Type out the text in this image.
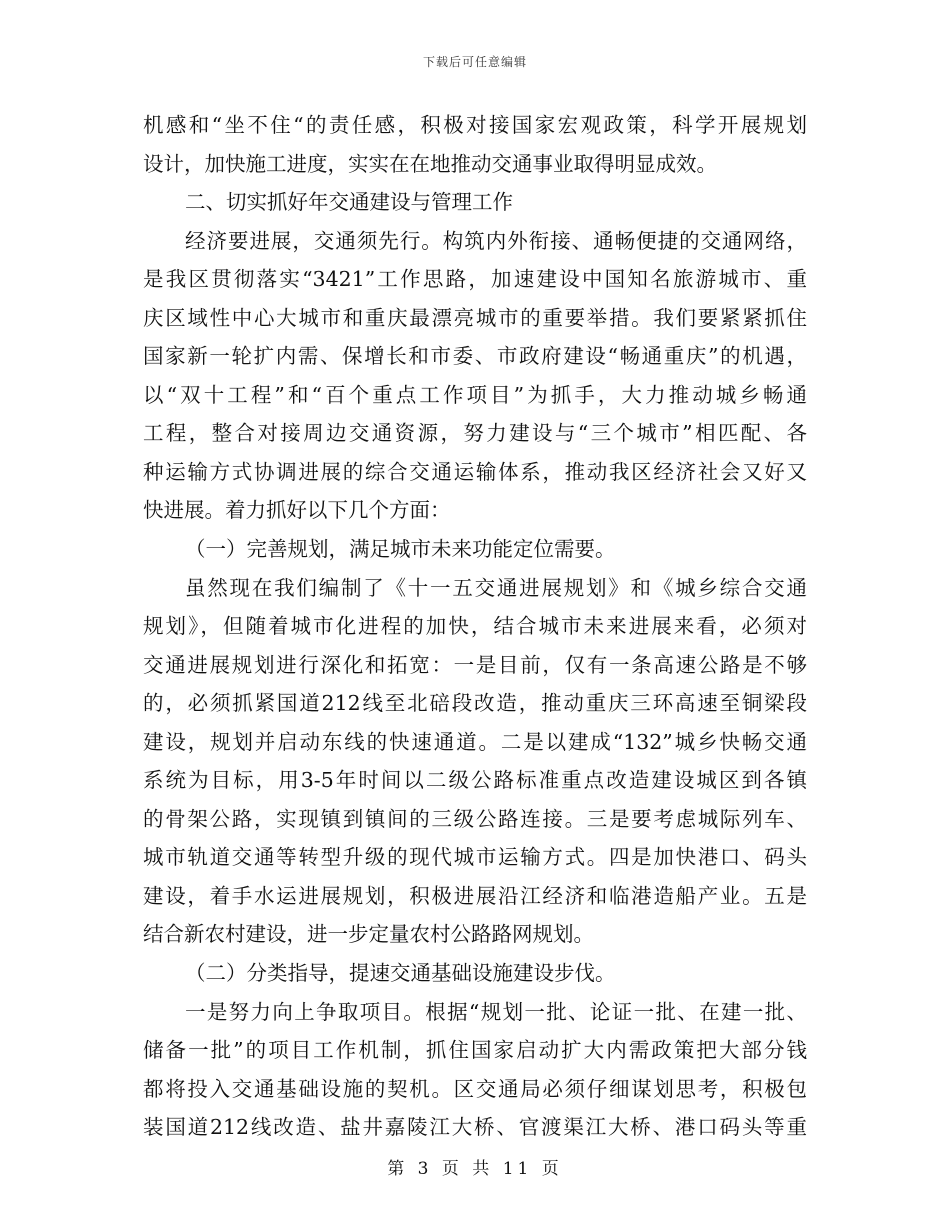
下载后可任意编辑
机感和“坐不住“的责任感，积极对接国家宏观政策，科学开展规划
设计，加快施工进度，实实在在地推动交通事业取得明显成效。
二、切实抓好年交通建设与管理工作
经济要进展，交通须先行。构筑内外衔接、通畅便捷的交通网络，
是我区贯彻落实“3421”工作思路，加速建设中国知名旅游城市、重
庆区域性中心大城市和重庆最漂亮城市的重要举措。我们要紧紧抓住
国家新一轮扩内需、保增长和市委、市政府建设“畅通重庆”的机遇，
以“双十工程”和“百个重点工作项目”为抓手，大力推动城乡畅通
工程，整合对接周边交通资源，努力建设与“三个城市”相匹配、各
种运输方式协调进展的综合交通运输体系，推动我区经济社会又好又
快进展。着力抓好以下几个方面：
（一）完善规划，满足城市未来功能定位需要。
虽然现在我们编制了《十一五交通进展规划》和《城乡综合交通
规划》，但随着城市化进程的加快，结合城市未来进展来看，必须对
交通进展规划进行深化和拓宽：一是目前，仅有一条高速公路是不够
的，必须抓紧国道212线至北碚段改造，推动重庆三环高速至铜梁段
建设，规划并启动东线的快速通道。二是以建成“132”城乡快畅交通
系统为目标，用3-5年时间以二级公路标准重点改造建设城区到各镇
的骨架公路，实现镇到镇间的三级公路连接。三是要考虑城际列车、
城市轨道交通等转型升级的现代城市运输方式。四是加快港口、码头
建设，着手水运进展规划，积极进展沿江经济和临港造船产业。五是
结合新农村建设，进一步定量农村公路路网规划。
（二）分类指导，提速交通基础设施建设步伐。
一是努力向上争取项目。根据“规划一批、论证一批、在建一批、
储备一批”的项目工作机制，抓住国家启动扩大内需政策把大部分钱
都将投入交通基础设施的契机。区交通局必须仔细谋划思考，积极包
装国道212线改造、盐井嘉陵江大桥、官渡渠江大桥、港口码头等重
第 3 页 共 11 页
